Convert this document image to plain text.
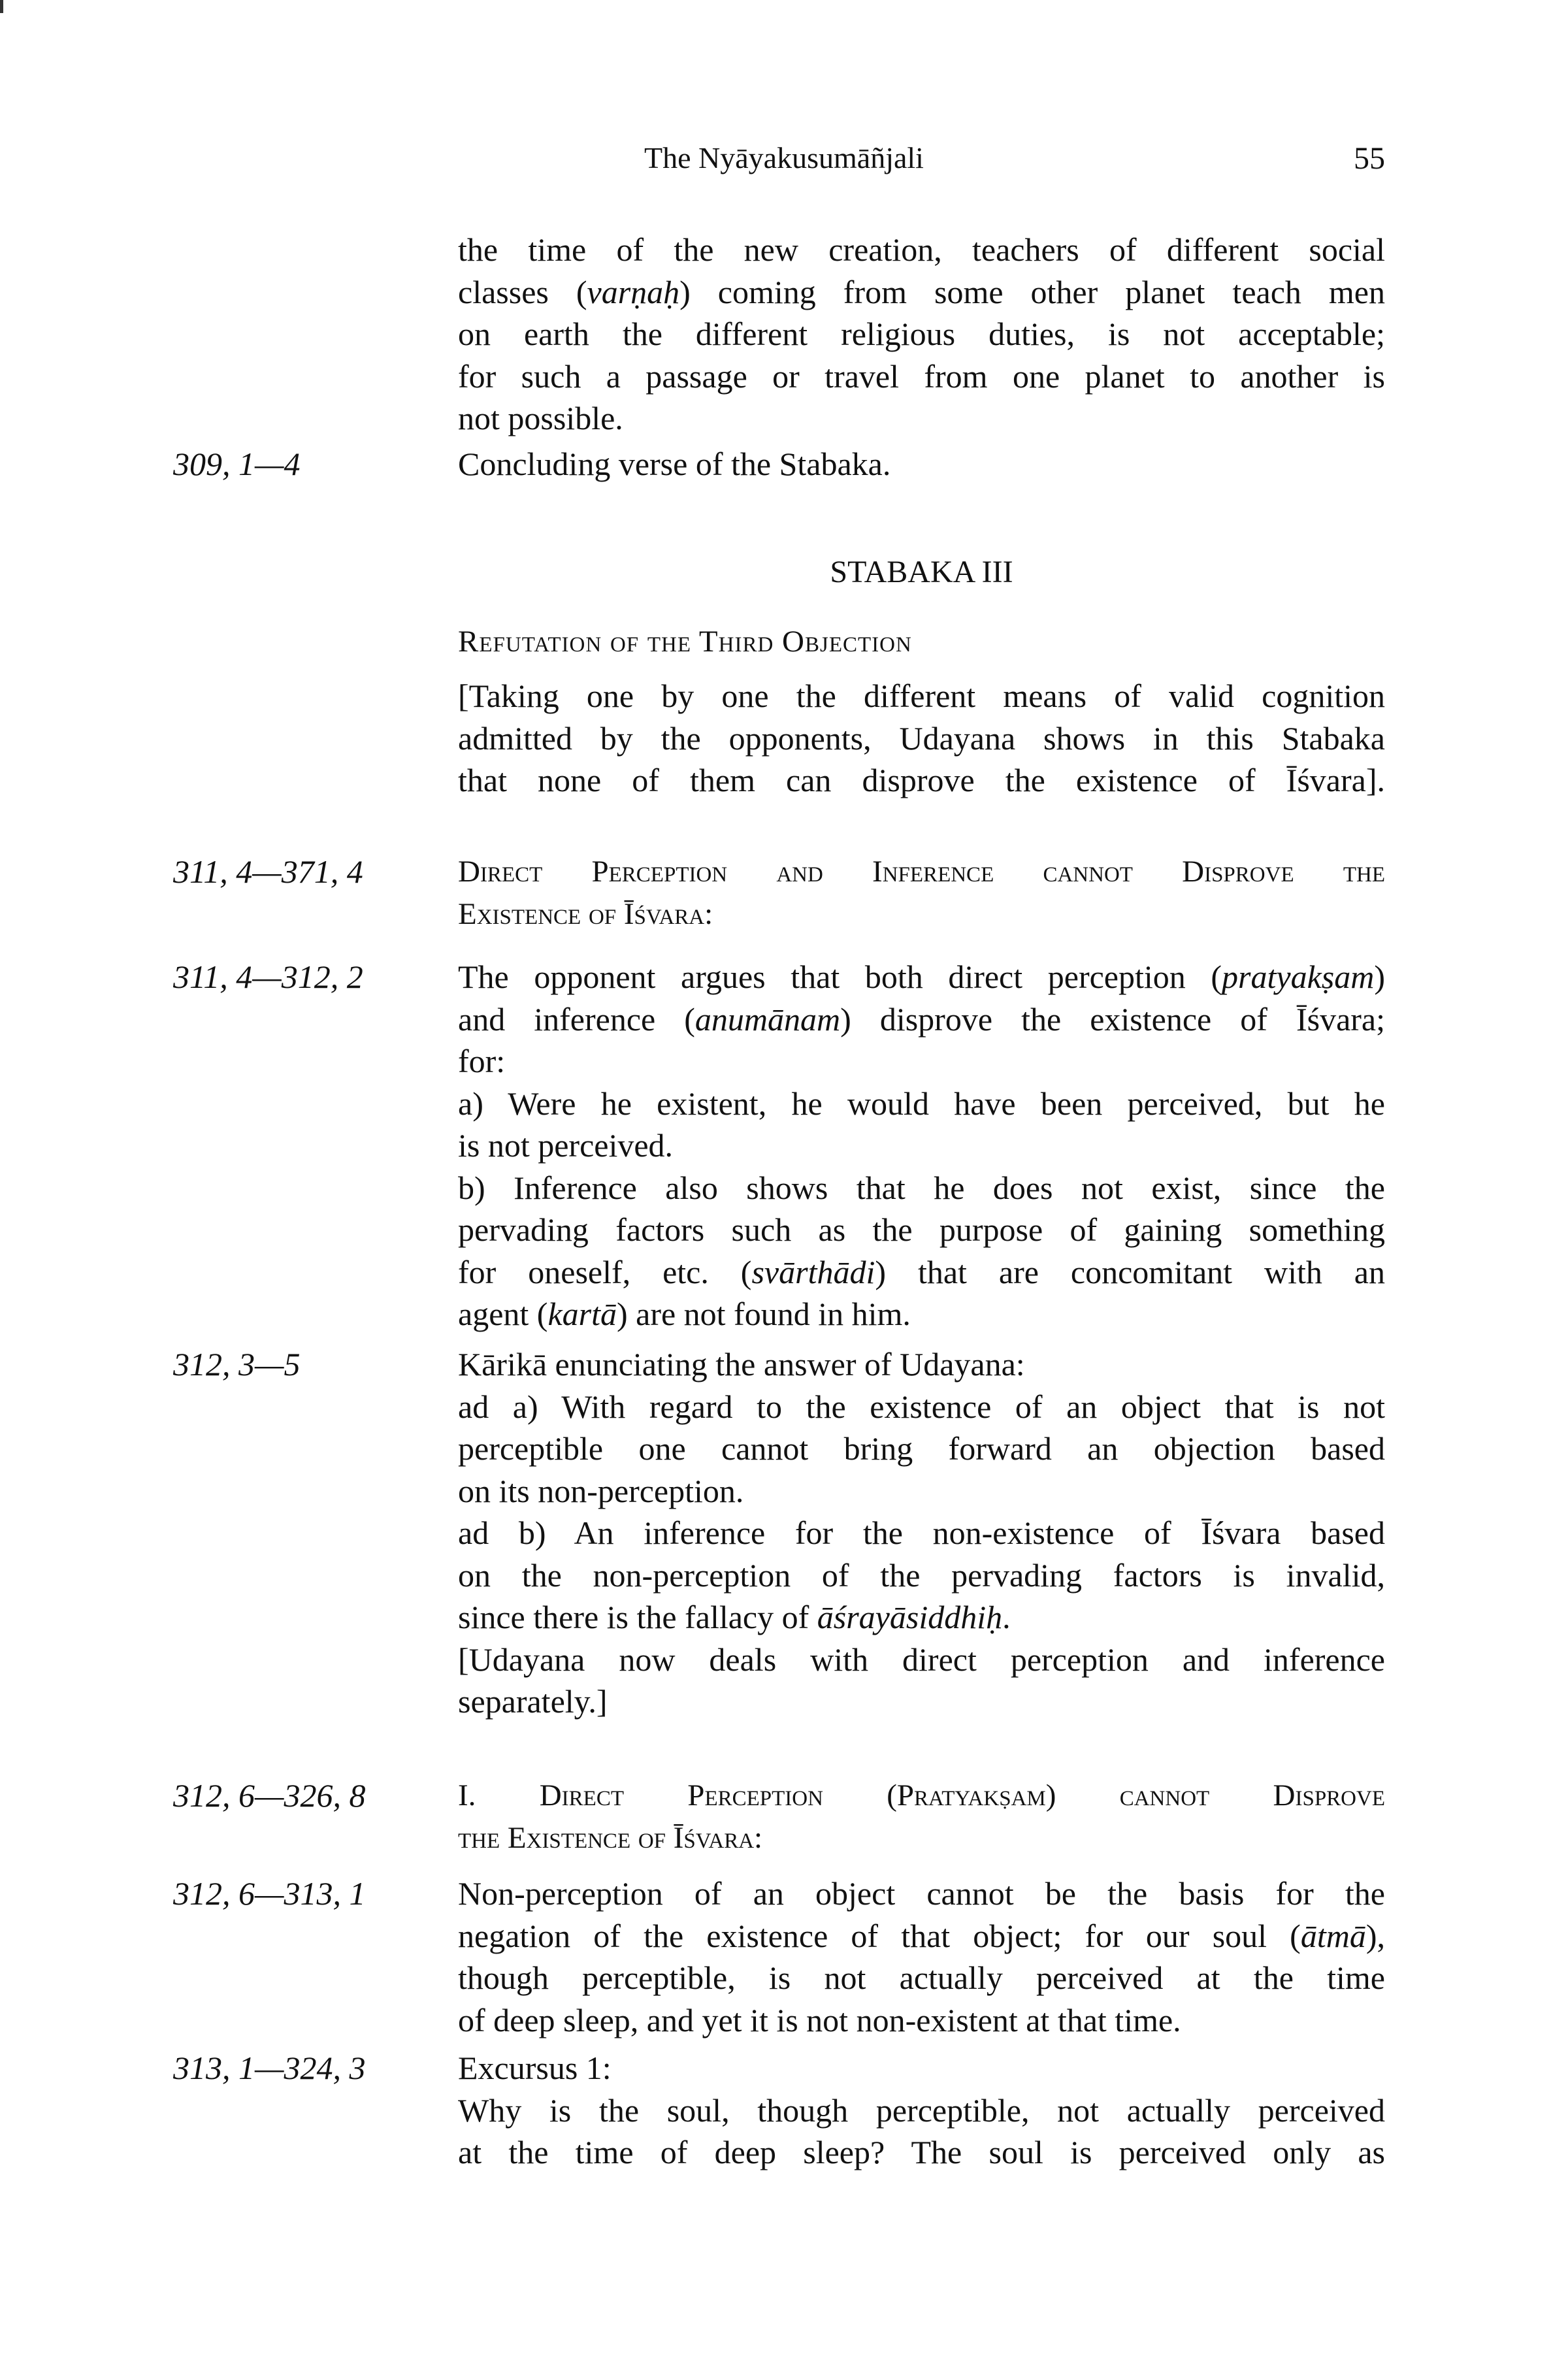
The Nyāyakusumāñjali	55
the time of the new creation, teachers of different social
classes (varṇaḥ) coming from some other planet teach men
on earth the different religious duties, is not acceptable;
for such a passage or travel from one planet to another is
not possible.
309, 1—4	Concluding verse of the Stabaka.
STABAKA III
Refutation of the Third Objection
[Taking one by one the different means of valid cognition
admitted by the opponents, Udayana shows in this Stabaka
that none of them can disprove the existence of Īśvara].
311, 4—371, 4	Direct Perception and Inference cannot Disprove the
Existence of Īśvara:
311, 4—312, 2	The opponent argues that both direct perception (pratyakṣam)
and inference (anumānam) disprove the existence of Īśvara;
for:
a) Were he existent, he would have been perceived, but he
is not perceived.
b) Inference also shows that he does not exist, since the
pervading factors such as the purpose of gaining something
for oneself, etc. (svārthādi) that are concomitant with an
agent (kartā) are not found in him.
312, 3—5	Kārikā enunciating the answer of Udayana:
ad a) With regard to the existence of an object that is not
perceptible one cannot bring forward an objection based
on its non-perception.
ad b) An inference for the non-existence of Īśvara based
on the non-perception of the pervading factors is invalid,
since there is the fallacy of āśrayāsiddhiḥ.
[Udayana now deals with direct perception and inference
separately.]
312, 6—326, 8	I. Direct Perception (Pratyakṣam) cannot Disprove
the Existence of Īśvara:
312, 6—313, 1	Non-perception of an object cannot be the basis for the
negation of the existence of that object; for our soul (ātmā),
though perceptible, is not actually perceived at the time
of deep sleep, and yet it is not non-existent at that time.
313, 1—324, 3	Excursus 1:
Why is the soul, though perceptible, not actually perceived
at the time of deep sleep? The soul is perceived only as
